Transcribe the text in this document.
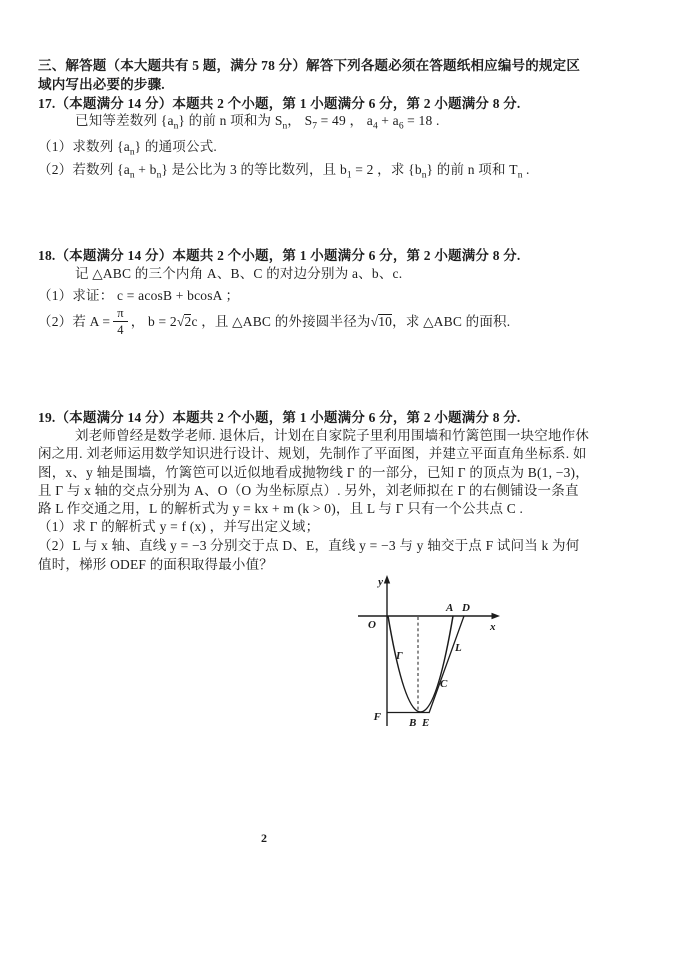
三、解答题（本大题共有 5 题，满分 78 分）解答下列各题必须在答题纸相应编号的规定区
域内写出必要的步骤.
17.（本题满分 14 分）本题共 2 个小题，第 1 小题满分 6 分，第 2 小题满分 8 分.
已知等差数列 $\{a_n\}$ 的前 n 项和为 $S_n$， $S_7 = 49$ ， $a_4 + a_6 = 18$ .
（1）求数列 $\{a_n\}$ 的通项公式.
（2）若数列 $\{a_n + b_n\}$ 是公比为 3 的等比数列，且 $b_1 = 2$ ，求 $\{b_n\}$ 的前 n 项和 $T_n$ .
18.（本题满分 14 分）本题共 2 个小题，第 1 小题满分 6 分，第 2 小题满分 8 分.
记 △ABC 的三个内角 A、B、C 的对边分别为 a、b、c.
（1）求证： c = acosB + bcosA ；
（2）若 $A = \frac{\pi}{4}$ ， b = 2 √2 c ，且 △ABC 的外接圆半径为 √10 ，求 △ABC 的面积.
19.（本题满分 14 分）本题共 2 个小题，第 1 小题满分 6 分，第 2 小题满分 8 分.
刘老师曾经是数学老师. 退休后，计划在自家院子里利用围墙和竹篱笆围一块空地作休
闲之用. 刘老师运用数学知识进行设计、规划，先制作了平面图，并建立平面直角坐标系. 如
图，x、y 轴是围墙，竹篱笆可以近似地看成抛物线 Γ 的一部分，已知 Γ 的顶点为 B(1, −3)，
且 Γ 与 x 轴的交点分别为 A、O（O 为坐标原点）. 另外，刘老师拟在 Γ 的右侧铺设一条直
路 L 作交通之用，L 的解析式为 y = kx + m (k > 0)，且 L 与 Γ 只有一个公共点 C .
（1）求 Γ 的解析式 y = f (x) ，并写出定义域；
（2）L 与 x 轴、直线 y = −3 分别交于点 D、E，直线 y = −3 与 y 轴交于点 F 试问当 k 为何
值时，梯形 ODEF 的面积取得最小值？
y
x
O
A D
L
Γ
C
F	B E
2
